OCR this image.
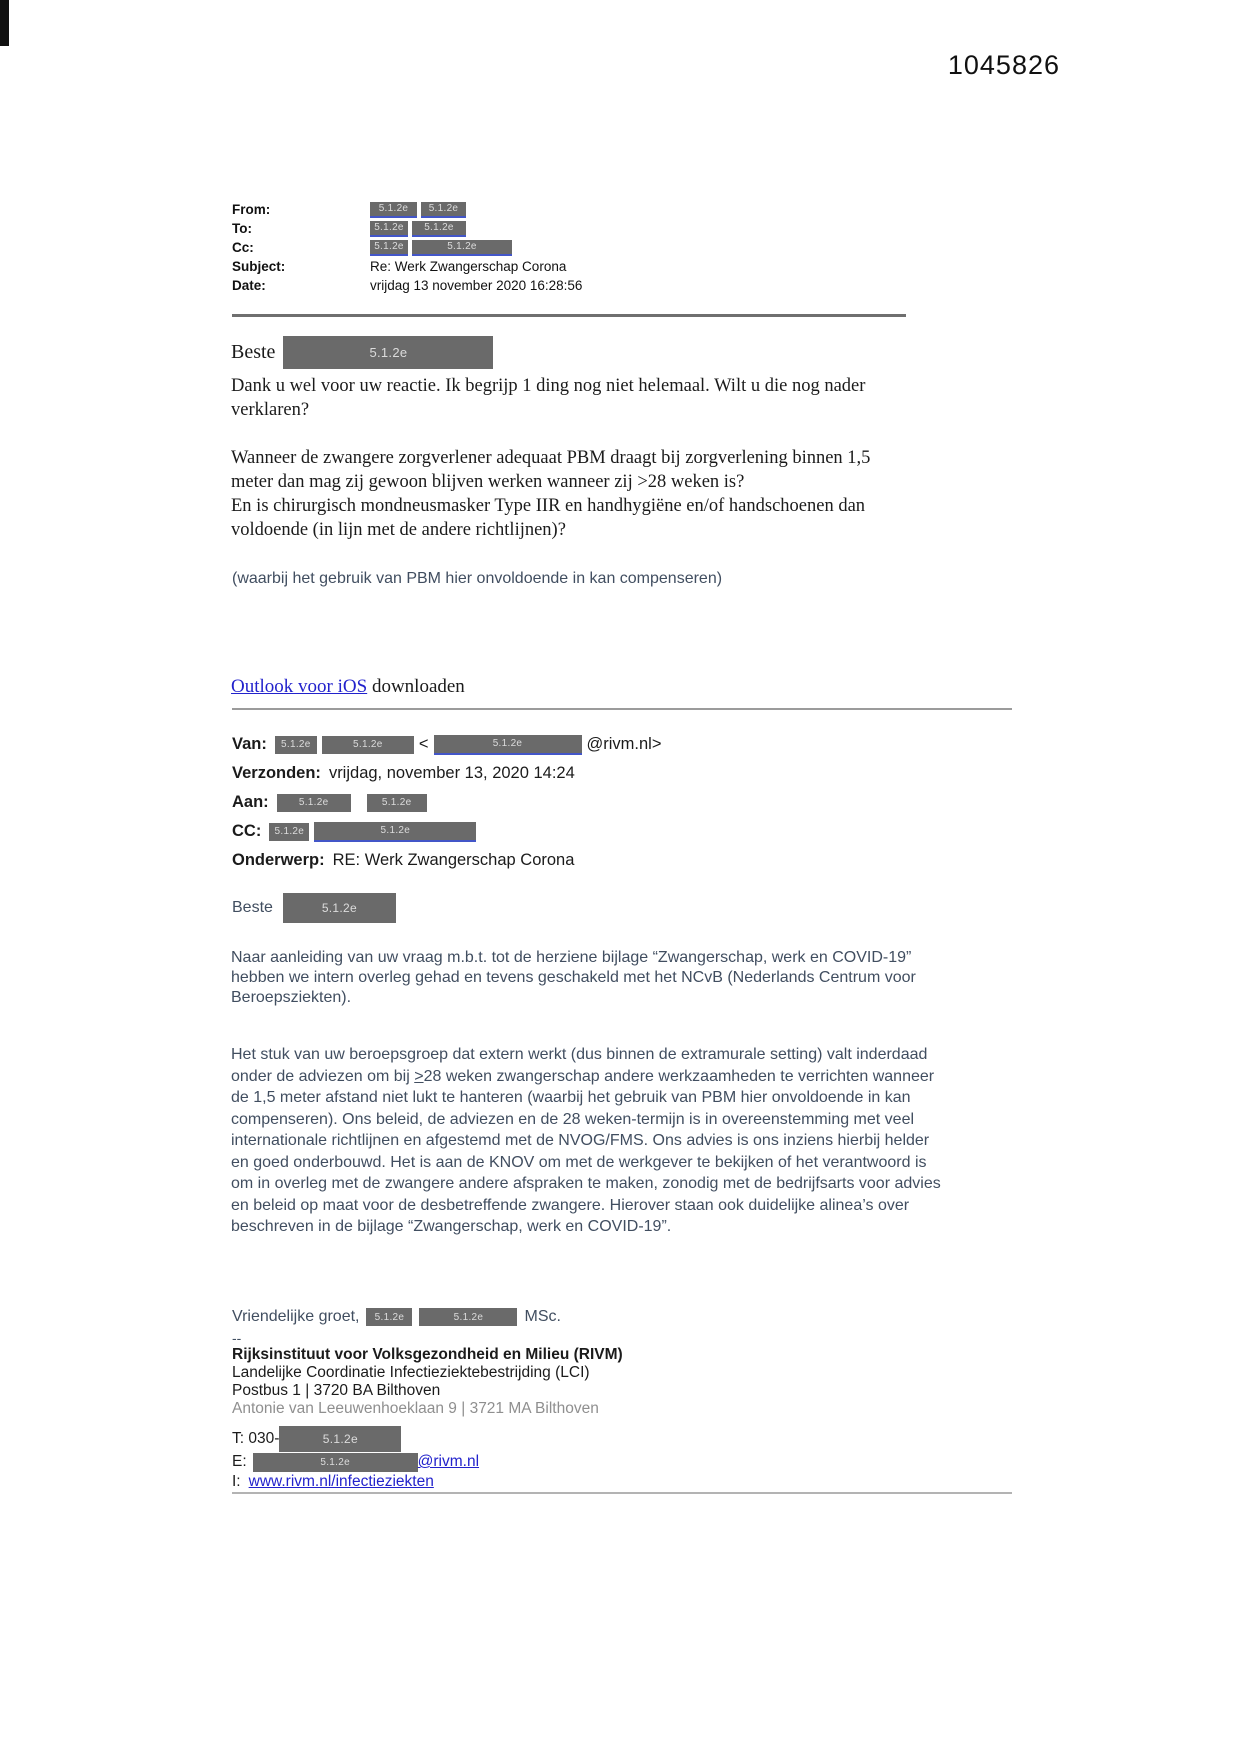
1045826
From:	5.1.2e	5.1.2e
To:	5.1.2e	5.1.2e
Cc:	5.1.2e	5.1.2e
Subject:	Re: Werk Zwangerschap Corona
Date:	vrijdag 13 november 2020 16:28:56
Beste	5.1.2e
Dank u wel voor uw reactie. Ik begrijp 1 ding nog niet helemaal. Wilt u die nog nader verklaren?
Wanneer de zwangere zorgverlener adequaat PBM draagt bij zorgverlening binnen 1,5 meter dan mag zij gewoon blijven werken wanneer zij >28 weken is?
En is chirurgisch mondneusmasker Type IIR en handhygiëne en/of handschoenen dan voldoende (in lijn met de andere richtlijnen)?
(waarbij het gebruik van PBM hier onvoldoende in kan compenseren)
Outlook voor iOS downloaden
Van:	5.1.2e	5.1.2e	<	5.1.2e	@rivm.nl>
Verzonden: vrijdag, november 13, 2020 14:24
Aan:	5.1.2e	5.1.2e
CC:	5.1.2e	5.1.2e
Onderwerp: RE: Werk Zwangerschap Corona
Beste	5.1.2e
Naar aanleiding van uw vraag m.b.t. tot de herziene bijlage “Zwangerschap, werk en COVID-19” hebben we intern overleg gehad en tevens geschakeld met het NCvB (Nederlands Centrum voor Beroepsziekten).
Het stuk van uw beroepsgroep dat extern werkt (dus binnen de extramurale setting) valt inderdaad onder de adviezen om bij ≥28 weken zwangerschap andere werkzaamheden te verrichten wanneer de 1,5 meter afstand niet lukt te hanteren (waarbij het gebruik van PBM hier onvoldoende in kan compenseren). Ons beleid, de adviezen en de 28 weken-termijn is in overeenstemming met veel internationale richtlijnen en afgestemd met de NVOG/FMS. Ons advies is ons inziens hierbij helder en goed onderbouwd. Het is aan de KNOV om met de werkgever te bekijken of het verantwoord is om in overleg met de zwangere andere afspraken te maken, zonodig met de bedrijfsarts voor advies en beleid op maat voor de desbetreffende zwangere. Hierover staan ook duidelijke alinea’s over beschreven in de bijlage “Zwangerschap, werk en COVID-19”.
Vriendelijke groet,	5.1.2e	5.1.2e	MSc.
--
Rijksinstituut voor Volksgezondheid en Milieu (RIVM)
Landelijke Coordinatie Infectieziektebestrijding (LCI)
Postbus 1 | 3720 BA Bilthoven
Antonie van Leeuwenhoeklaan 9 | 3721 MA Bilthoven
T: 030-	5.1.2e
E:	5.1.2e	@rivm.nl
I: www.rivm.nl/infectieziekten
